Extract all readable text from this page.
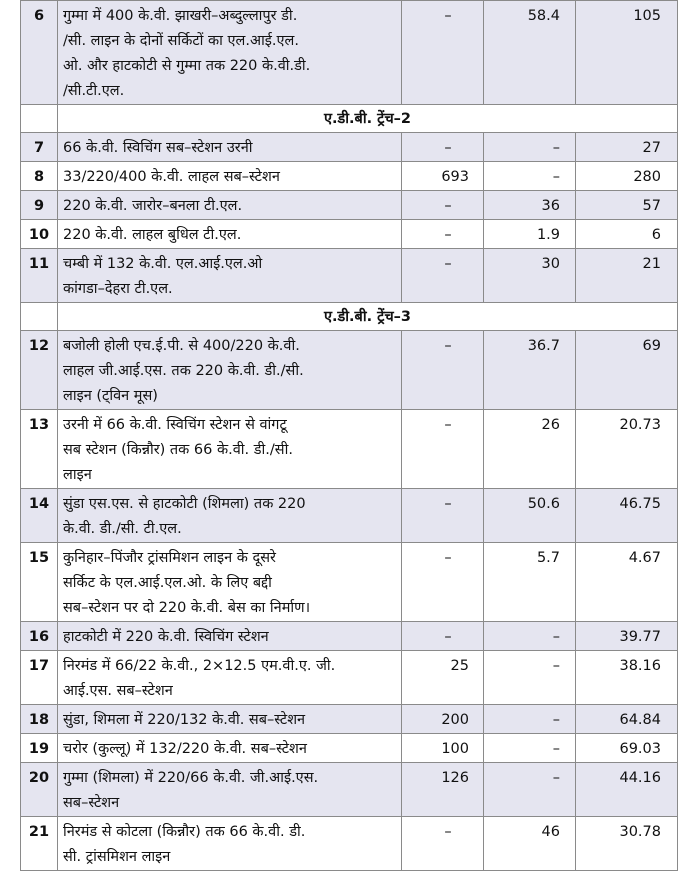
6	गुम्मा में 400 के.वी. झाखरी–अब्दुल्लापुर डी.
/सी. लाइन के दोनों सर्किटों का एल.आई.एल.
ओ. और हाटकोटी से गुम्मा तक 220 के.वी.डी.
/सी.टी.एल.	–	58.4	105
	ए.डी.बी. ट्रेंच–2			
7	66 के.वी. स्विचिंग सब–स्टेशन उरनी	–	–	27
8	33/220/400 के.वी. लाहल सब–स्टेशन	693	–	280
9	220 के.वी. जारोर–बनला टी.एल.	–	36	57
10	220 के.वी. लाहल बुधिल टी.एल.	–	1.9	6
11	चम्बी में 132 के.वी. एल.आई.एल.ओ
कांगडा–देहरा टी.एल.	–	30	21
	ए.डी.बी. ट्रेंच–3			
12	बजोली होली एच.ई.पी. से 400/220 के.वी.
लाहल जी.आई.एस. तक 220 के.वी. डी./सी.
लाइन (ट्विन मूस)	–	36.7	69
13	उरनी में 66 के.वी. स्विचिंग स्टेशन से वांगटू
सब स्टेशन (किन्नौर) तक 66 के.वी. डी./सी.
लाइन	–	26	20.73
14	सुंडा एस.एस. से हाटकोटी (शिमला) तक 220
के.वी. डी./सी. टी.एल.	–	50.6	46.75
15	कुनिहार–पिंजौर ट्रांसमिशन लाइन के दूसरे
सर्किट के एल.आई.एल.ओ. के लिए बद्दी
सब–स्टेशन पर दो 220 के.वी. बेस का निर्माण।	–	5.7	4.67
16	हाटकोटी में 220 के.वी. स्विचिंग स्टेशन	–	–	39.77
17	निरमंड में 66/22 के.वी., 2×12.5 एम.वी.ए. जी.
आई.एस. सब–स्टेशन	25	–	38.16
18	सुंडा, शिमला में 220/132 के.वी. सब–स्टेशन	200	–	64.84
19	चरोर (कुल्लू) में 132/220 के.वी. सब–स्टेशन	100	–	69.03
20	गुम्मा (शिमला) में 220/66 के.वी. जी.आई.एस.
सब–स्टेशन	126	–	44.16
21	निरमंड से कोटला (किन्नौर) तक 66 के.वी. डी.
सी. ट्रांसमिशन लाइन	–	46	30.78
